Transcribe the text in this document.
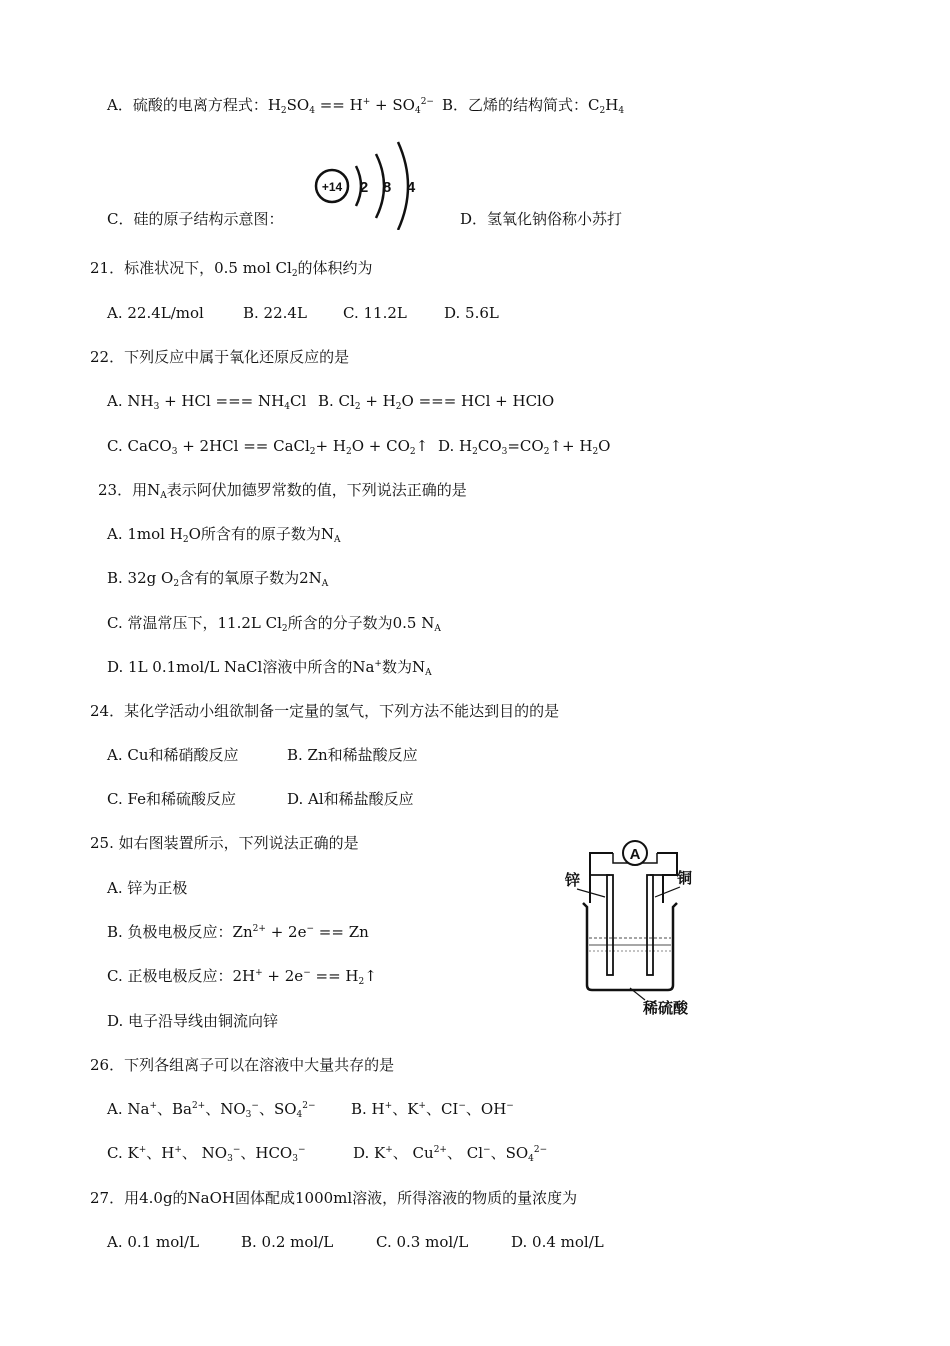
A．硫酸的电离方程式：$H_2SO_4 == H^+ + SO_4^{2-}$ B．乙烯的结构简式：$C_2H_4$
+14 2 8 4
C．硅的原子结构示意图：	D．氢氧化钠俗称小苏打
21．标准状况下，0.5 mol $Cl_2$的体积约为
A. 22.4L/mol	B. 22.4L C. 11.2L D. 5.6L
22．下列反应中属于氧化还原反应的是
A. $NH_3$ + HCl === $NH_4Cl$ B. $Cl_2 + H_2O$ === HCl + HClO
C. CaCO$_3$ + 2HCl == CaCl$_2$+ $H_2O$ + $CO_2↑$ D. $H_2CO_3=CO_2↑+ H_2O$
23．用$N_A$表示阿伏加德罗常数的值，下列说法正确的是
A. 1mol $H_2O$所含有的原子数为$N_A$
B. 32g $O_2$含有的氧原子数为$2N_A$
C. 常温常压下，11.2L $Cl_2$所含的分子数为0.5 $N_A$
D. 1L 0.1mol/L NaCl溶液中所含的Na+数为$N_A$
24．某化学活动小组欲制备一定量的氢气，下列方法不能达到目的的是
A. Cu和稀硝酸反应	B. Zn和稀盐酸反应
C. Fe和稀硫酸反应	D. Al和稀盐酸反应
25. 如右图装置所示，下列说法正确的是
A. 锌为正极
B. 负极电极反应：$Zn^{2+} + 2e^- == Zn$
C. 正极电极反应：$2H^+ + 2e^- == H_2↑$
D. 电子沿导线由铜流向锌
A
锌	铜
稀硫酸
26．下列各组离子可以在溶液中大量共存的是
A. Na+、$Ba^{2+}$、$NO_3^-$、$SO_4^{2-}$ B. H+、K+、CI−、OH−
C. K+、H+、 $NO_3^-$、$HCO_3^-$	D. K+、 $Cu^{2+}$、 Cl−、$SO_4^{2-}$
27．用4.0g的NaOH固体配成1000ml溶液，所得溶液的物质的量浓度为
A. 0.1 mol/L	B. 0.2 mol/L	C. 0.3 mol/L	D. 0.4 mol/L
